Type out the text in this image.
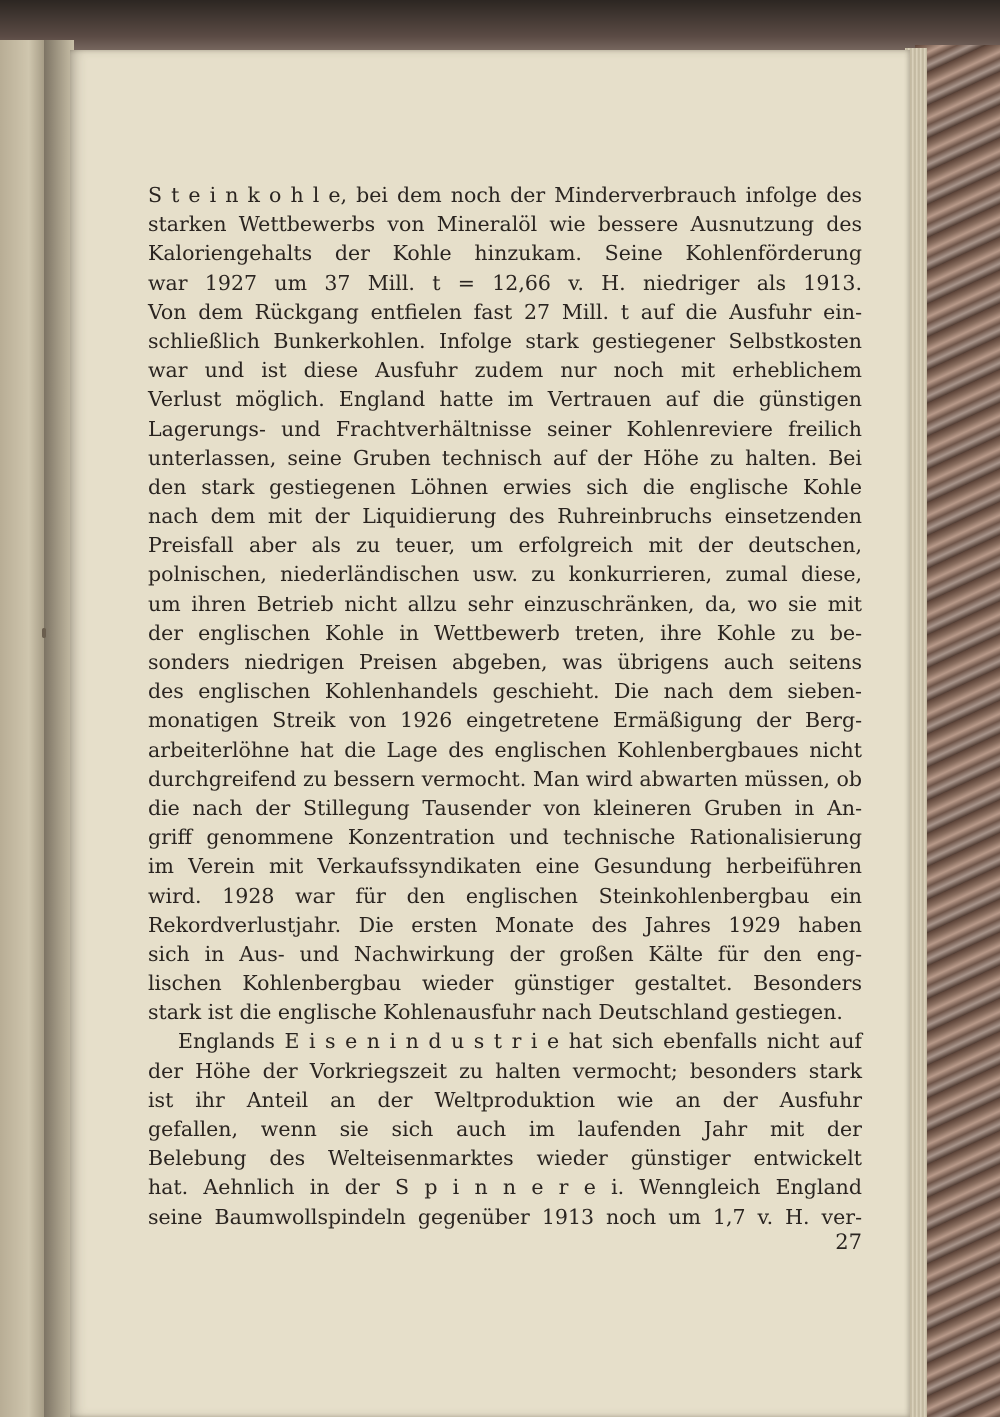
S t e i n k o h l e, bei dem noch der Minderverbrauch infolge des
starken Wettbewerbs von Mineralöl wie bessere Ausnutzung des
Kaloriengehalts der Kohle hinzukam. Seine Kohlenförderung
war 1927 um 37 Mill. t = 12,66 v. H. niedriger als 1913.
Von dem Rückgang entfielen fast 27 Mill. t auf die Ausfuhr ein-
schließlich Bunkerkohlen. Infolge stark gestiegener Selbstkosten
war und ist diese Ausfuhr zudem nur noch mit erheblichem
Verlust möglich. England hatte im Vertrauen auf die günstigen
Lagerungs- und Frachtverhältnisse seiner Kohlenreviere freilich
unterlassen, seine Gruben technisch auf der Höhe zu halten. Bei
den stark gestiegenen Löhnen erwies sich die englische Kohle
nach dem mit der Liquidierung des Ruhreinbruchs einsetzenden
Preisfall aber als zu teuer, um erfolgreich mit der deutschen,
polnischen, niederländischen usw. zu konkurrieren, zumal diese,
um ihren Betrieb nicht allzu sehr einzuschränken, da, wo sie mit
der englischen Kohle in Wettbewerb treten, ihre Kohle zu be-
sonders niedrigen Preisen abgeben, was übrigens auch seitens
des englischen Kohlenhandels geschieht. Die nach dem sieben-
monatigen Streik von 1926 eingetretene Ermäßigung der Berg-
arbeiterlöhne hat die Lage des englischen Kohlenbergbaues nicht
durchgreifend zu bessern vermocht. Man wird abwarten müssen, ob
die nach der Stillegung Tausender von kleineren Gruben in An-
griff genommene Konzentration und technische Rationalisierung
im Verein mit Verkaufssyndikaten eine Gesundung herbeiführen
wird. 1928 war für den englischen Steinkohlenbergbau ein
Rekordverlustjahr. Die ersten Monate des Jahres 1929 haben
sich in Aus- und Nachwirkung der großen Kälte für den eng-
lischen Kohlenbergbau wieder günstiger gestaltet. Besonders
stark ist die englische Kohlenausfuhr nach Deutschland gestiegen.
Englands E i s e n i n d u s t r i e hat sich ebenfalls nicht auf
der Höhe der Vorkriegszeit zu halten vermocht; besonders stark
ist ihr Anteil an der Weltproduktion wie an der Ausfuhr
gefallen, wenn sie sich auch im laufenden Jahr mit der
Belebung des Welteisenmarktes wieder günstiger entwickelt
hat. Aehnlich in der S p i n n e r e i. Wenngleich England
seine Baumwollspindeln gegenüber 1913 noch um 1,7 v. H. ver-
27
